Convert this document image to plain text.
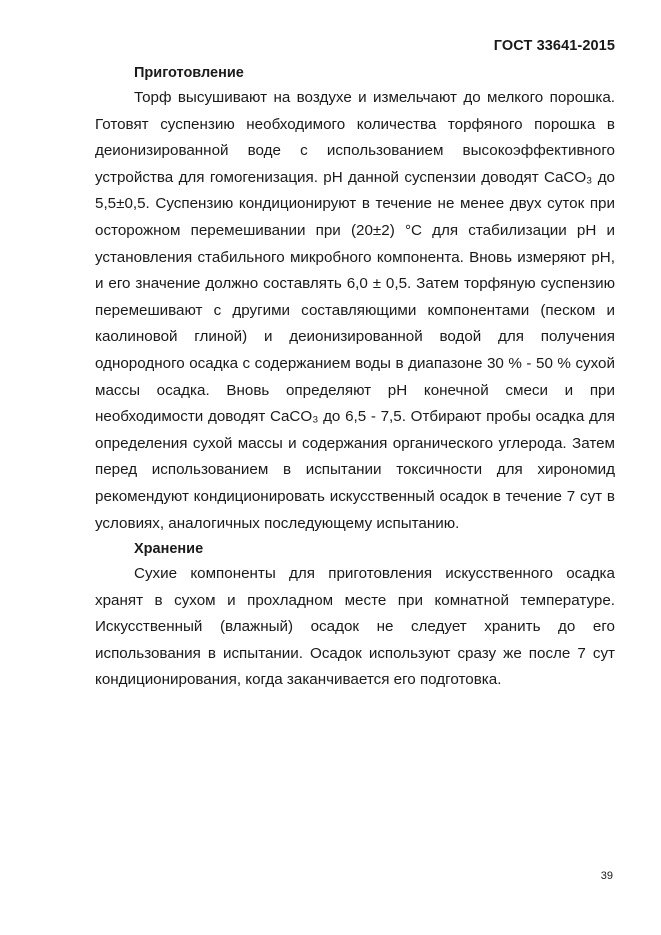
ГОСТ 33641-2015
Приготовление

Торф высушивают на воздухе и измельчают до мелкого порошка. Готовят суспензию необходимого количества торфяного порошка в деионизированной воде с использованием высокоэффективного устройства для гомогенизация. pH данной суспензии доводят CaCO₃ до 5,5±0,5. Суспензию кондиционируют в течение не менее двух суток при осторожном перемешивании при (20±2) °C для стабилизации pH и установления стабильного микробного компонента. Вновь измеряют pH, и его значение должно составлять 6,0 ± 0,5. Затем торфяную суспензию перемешивают с другими составляющими компонентами (песком и каолиновой глиной) и деионизированной водой для получения однородного осадка с содержанием воды в диапазоне 30 % - 50 % сухой массы осадка. Вновь определяют pH конечной смеси и при необходимости доводят CaCO₃ до 6,5 - 7,5. Отбирают пробы осадка для определения сухой массы и содержания органического углерода. Затем перед использованием в испытании токсичности для хирономид рекомендуют кондиционировать искусственный осадок в течение 7 сут в условиях, аналогичных последующему испытанию.

Хранение

Сухие компоненты для приготовления искусственного осадка хранят в сухом и прохладном месте при комнатной температуре. Искусственный (влажный) осадок не следует хранить до его использования в испытании. Осадок используют сразу же после 7 сут кондиционирования, когда заканчивается его подготовка.

39
